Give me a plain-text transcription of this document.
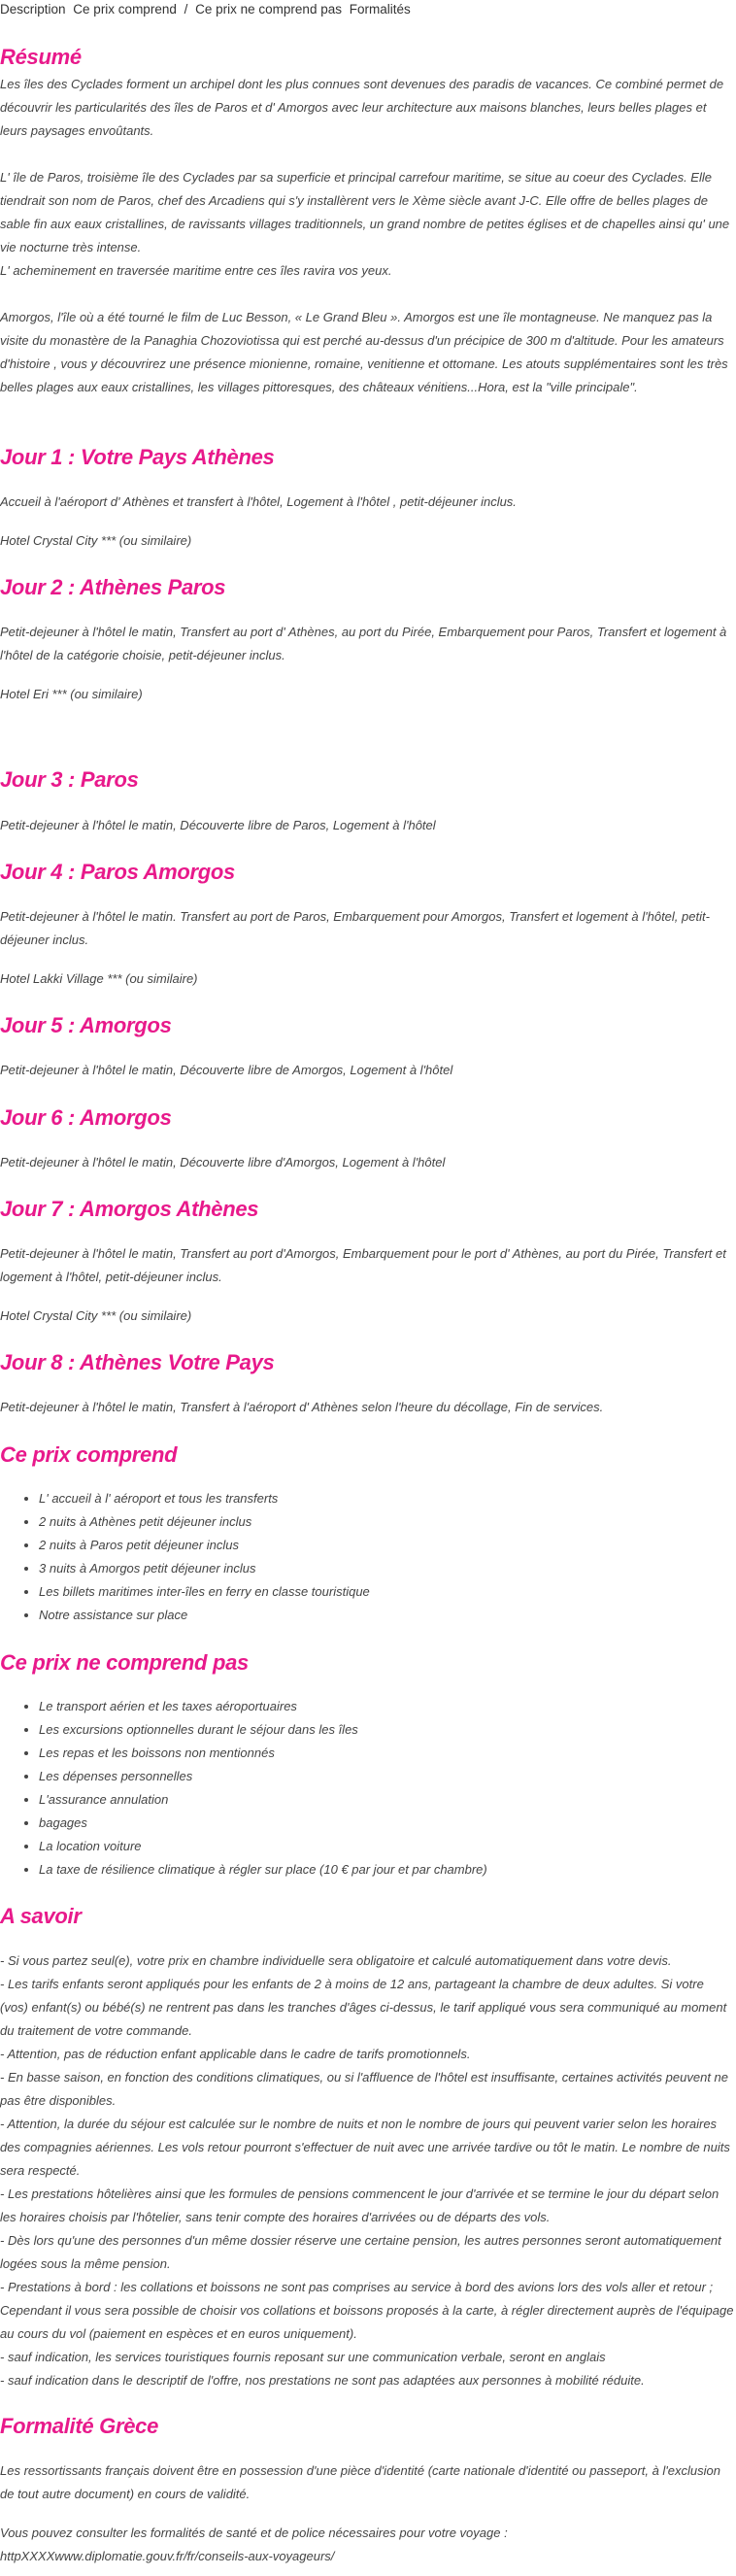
Description Ce prix comprend / Ce prix ne comprend pas Formalités
Résumé

Les îles des Cyclades forment un archipel dont les plus connues sont devenues des paradis de vacances. Ce combiné permet de découvrir les particularités des îles de Paros et d' Amorgos avec leur architecture aux maisons blanches, leurs belles plages et leurs paysages envoûtants.

L' île de Paros, troisième île des Cyclades par sa superficie et principal carrefour maritime, se situe au coeur des Cyclades. Elle tiendrait son nom de Paros, chef des Arcadiens qui s'y installèrent vers le Xème siècle avant J-C. Elle offre de belles plages de sable fin aux eaux cristallines, de ravissants villages traditionnels, un grand nombre de petites églises et de chapelles ainsi qu' une vie nocturne très intense.

L' acheminement en traversée maritime entre ces îles ravira vos yeux.

Amorgos, l'île où a été tourné le film de Luc Besson, « Le Grand Bleu ». Amorgos est une île montagneuse. Ne manquez pas la visite du monastère de la Panaghia Chozoviotissa qui est perché au-dessus d'un précipice de 300 m d'altitude. Pour les amateurs d'histoire , vous y découvrirez une présence mionienne, romaine, venitienne et ottomane. Les atouts supplémentaires sont les très belles plages aux eaux cristallines, les villages pittoresques, des châteaux vénitiens...Hora, est la "ville principale".

Jour 1 : Votre Pays Athènes

Accueil à l'aéroport d' Athènes et transfert à l'hôtel, Logement à l'hôtel , petit-déjeuner inclus.

Hotel Crystal City *** (ou similaire)

Jour 2 : Athènes Paros

Petit-dejeuner à l'hôtel le matin, Transfert au port d' Athènes, au port du Pirée, Embarquement pour Paros, Transfert et logement à l'hôtel de la catégorie choisie, petit-déjeuner inclus.

Hotel Eri *** (ou similaire)

Jour 3 : Paros

Petit-dejeuner à l'hôtel le matin, Découverte libre de Paros, Logement à l'hôtel

Jour 4 : Paros Amorgos

Petit-dejeuner à l'hôtel le matin. Transfert au port de Paros, Embarquement pour Amorgos, Transfert et logement à l'hôtel, petit-déjeuner inclus.

Hotel Lakki Village *** (ou similaire)

Jour 5 : Amorgos

Petit-dejeuner à l'hôtel le matin, Découverte libre de Amorgos, Logement à l'hôtel

Jour 6 : Amorgos

Petit-dejeuner à l'hôtel le matin, Découverte libre d'Amorgos, Logement à l'hôtel

Jour 7 : Amorgos Athènes

Petit-dejeuner à l'hôtel le matin, Transfert au port d'Amorgos, Embarquement pour le port d' Athènes, au port du Pirée, Transfert et logement à l'hôtel, petit-déjeuner inclus.

Hotel Crystal City *** (ou similaire)

Jour 8 : Athènes Votre Pays

Petit-dejeuner à l'hôtel le matin, Transfert à l'aéroport d' Athènes selon l'heure du décollage, Fin de services.

Ce prix comprend
• L' accueil à l' aéroport et tous les transferts
• 2 nuits à Athènes petit déjeuner inclus
• 2 nuits à Paros petit déjeuner inclus
• 3 nuits à Amorgos petit déjeuner inclus
• Les billets maritimes inter-îles en ferry en classe touristique
• Notre assistance sur place
Ce prix ne comprend pas
• Le transport aérien et les taxes aéroportuaires
• Les excursions optionnelles durant le séjour dans les îles
• Les repas et les boissons non mentionnés
• Les dépenses personnelles
• L'assurance annulation
• bagages
• La location voiture
• La taxe de résilience climatique à régler sur place (10 € par jour et par chambre)
A savoir

- Si vous partez seul(e), votre prix en chambre individuelle sera obligatoire et calculé automatiquement dans votre devis.
- Les tarifs enfants seront appliqués pour les enfants de 2 à moins de 12 ans, partageant la chambre de deux adultes. Si votre (vos) enfant(s) ou bébé(s) ne rentrent pas dans les tranches d'âges ci-dessus, le tarif appliqué vous sera communiqué au moment du traitement de votre commande.
- Attention, pas de réduction enfant applicable dans le cadre de tarifs promotionnels.
- En basse saison, en fonction des conditions climatiques, ou si l'affluence de l'hôtel est insuffisante, certaines activités peuvent ne pas être disponibles.
- Attention, la durée du séjour est calculée sur le nombre de nuits et non le nombre de jours qui peuvent varier selon les horaires des compagnies aériennes. Les vols retour pourront s'effectuer de nuit avec une arrivée tardive ou tôt le matin. Le nombre de nuits sera respecté.
- Les prestations hôtelières ainsi que les formules de pensions commencent le jour d'arrivée et se termine le jour du départ selon les horaires choisis par l'hôtelier, sans tenir compte des horaires d'arrivées ou de départs des vols.
- Dès lors qu'une des personnes d'un même dossier réserve une certaine pension, les autres personnes seront automatiquement logées sous la même pension.
- Prestations à bord : les collations et boissons ne sont pas comprises au service à bord des avions lors des vols aller et retour ; Cependant il vous sera possible de choisir vos collations et boissons proposés à la carte, à régler directement auprès de l'équipage au cours du vol (paiement en espèces et en euros uniquement).
- sauf indication, les services touristiques fournis reposant sur une communication verbale, seront en anglais
- sauf indication dans le descriptif de l'offre, nos prestations ne sont pas adaptées aux personnes à mobilité réduite.

Formalité Grèce

Les ressortissants français doivent être en possession d'une pièce d'identité (carte nationale d'identité ou passeport, à l'exclusion de tout autre document) en cours de validité.

Vous pouvez consulter les formalités de santé et de police nécessaires pour votre voyage :

httpXXXXwww.diplomatie.gouv.fr/fr/conseils-aux-voyageurs/
